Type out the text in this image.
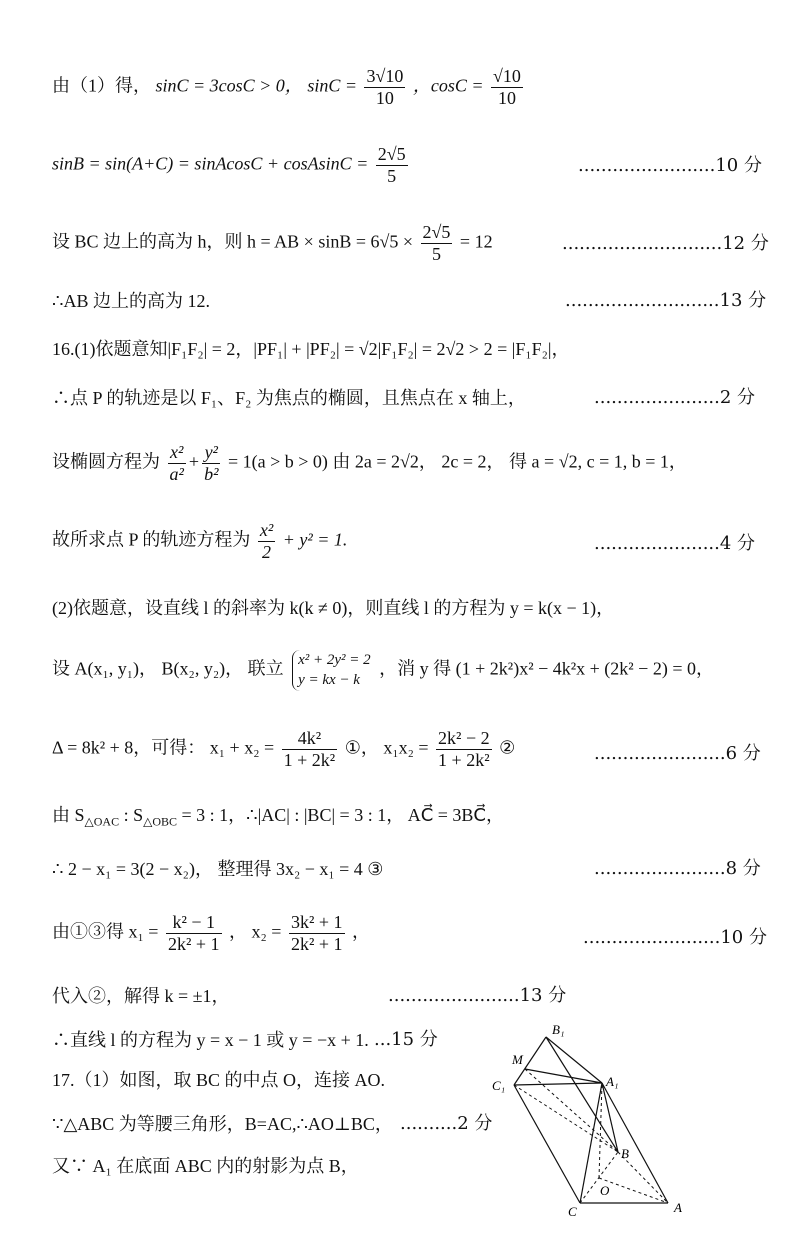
由（1）得， sinC = 3cosC > 0， $\sin C = \frac{3√10}{10}$ ，$\cos C = \frac{√10}{10}$
sinB = sin(A+C) = sinAcosC + cosAsinC = $\frac{2√5}{5}$	........................10 分
设 BC 边上的高为 h，则 h = AB × $\sin B = 6√5 \times \frac{2√5}{5} = 12$	............................12 分
∴AB 边上的高为 12.	...........................13 分
16.(1)依题意知|F₁F₂| = 2，|PF₁| + |PF₂| = √2|F₁F₂| = 2√2 > 2 = |F₁F₂|，
∴点 P 的轨迹是以 F₁、F₂ 为焦点的椭圆，且焦点在 x 轴上，	......................2 分
设椭圆方程为 $\frac{\text{x²}}{\text{a²}} + \frac{\text{y²}}{\text{b²}} = 1(a > b > 0)$ 由 2a = 2√2， 2c = 2， 得 a = √2, c = 1, b = 1，
故所求点 P 的轨迹方程为 $\frac{\text{x²}}{2} + y^2 = 1$.	......................4 分
(2)依题意，设直线 l 的斜率为 k(k ≠ 0)，则直线 l 的方程为 y = k(x − 1)，
设 A(x₁, y₁)， B(x₂, y₂)， 联立 x² + 2y² = 2
y = kx − k
，消 y 得 (1 + 2k²)x² − 4k²x + (2k² − 2) = 0，
Δ = 8k² + 8，可得： $x_1 + x_2 = \frac{\text{4k²}}{\text{1 + 2k²}}$ ①， $x_1x_2 = \frac{\text{2k² − 2}}{\text{1 + 2k²}}$ ②	.......................6 分
由 $S_{\triangle OAC}$ : $S_{\triangle OBC} = 3$ : 1，∴|AC| : |BC| = 3 : 1， AC⃗ = 3BC⃗，
∴ 2 − x₁ = 3(2 − x₂)， 整理得 3x₂ − x₁ = 4 ③	.......................8 分
由①③得 $x_1 = \frac{\text{k² − 1}}{\text{2k² + 1}}$ ， $x_2 = \frac{\text{3k² + 1}}{\text{2k² + 1}}$ ，	........................10 分
代入②，解得 k = ±1，	.......................13 分
∴直线 l 的方程为 y = x − 1 或 y = −x + 1. ...15 分
17.（1）如图，取 BC 的中点 O，连接 AO.
∵△ABC 为等腰三角形，B=AC,∴AO⊥BC， ..........2 分
又∵ A₁ 在底面 ABC 内的射影为点 B，
B₁
M
C₁	A₁
B
O
C	A
